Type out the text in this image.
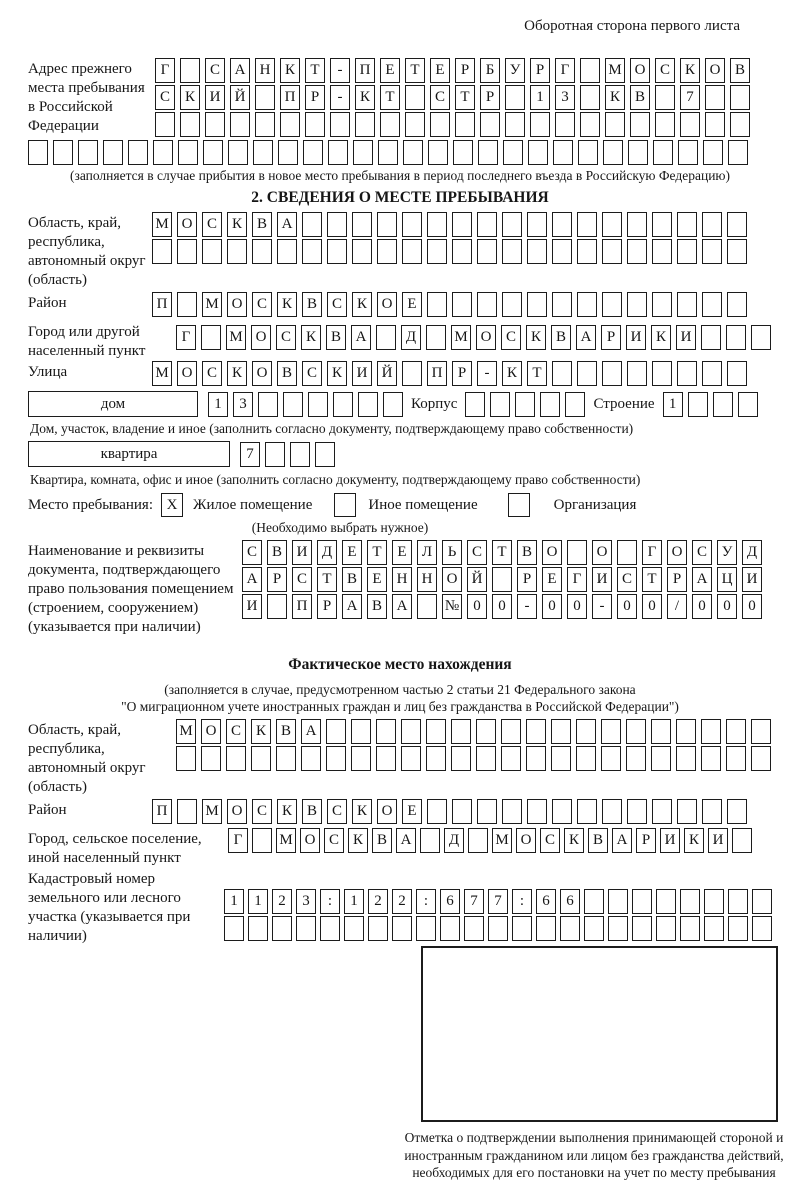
Оборотная сторона первого листа
Адрес прежнего места пребывания в Российской Федерации
Г	С А Н К	Т	-	П Е	Т	Е	Р	Б	У	Р	Г	М О С К О В
С К И Й	П	Р	-	К	Т	С	Т	Р	1	3	К В	7
(заполняется в случае прибытия в новое место пребывания в период последнего въезда в Российскую Федерацию)
2. СВЕДЕНИЯ О МЕСТЕ ПРЕБЫВАНИЯ
Область, край, республика, автономный округ (область)
М О С К В А
Район	П	М О С К В С К О Е
Город или другой населенный пункт
Г	М О С К В А	Д	М О С К В А	Р	И К И
Улица	М О С К О В С К И Й	П	Р	-	К	Т
дом	1	3	Корпус	Строение 1
Дом, участок, владение и иное (заполнить согласно документу, подтверждающему право собственности)
квартира	7
Квартира, комната, офис и иное (заполнить согласно документу, подтверждающему право собственности)
Место пребывания: X	Жилое помещение	Иное помещение	Организация
(Необходимо выбрать нужное)
Наименование и реквизиты документа, подтверждающего право пользования помещением (строением, сооружением) (указывается при наличии)
С В И Д	Е	Т	Е	Л	Ь	С	Т	В О	О	Г	О С У Д
А	Р	С	Т	В	Е	Н Н О Й	Р	Е	Г	И С	Т	Р	А Ц И
И	П	Р	А В А	№ 0	0	-	0	0	-	0	0	/	0	0	0
Фактическое место нахождения
(заполняется в случае, предусмотренном частью 2 статьи 21 Федерального закона
"О миграционном учете иностранных граждан и лиц без гражданства в Российской Федерации")
Область, край, республика, автономный округ (область)
М О С К В А
Район	П	М О С К В С К О Е
Город, сельское поселение, иной населенный пункт
Г	М О С К В А	Д	М О С К В А Р И К И
Кадастровый номер земельного или лесного участка (указывается при наличии)
1	1	2	3	:	1	2	2	:	6	7	7	:	6	6
Отметка о подтверждении выполнения принимающей стороной и иностранным гражданином или лицом без гражданства действий, необходимых для его постановки на учет по месту пребывания
